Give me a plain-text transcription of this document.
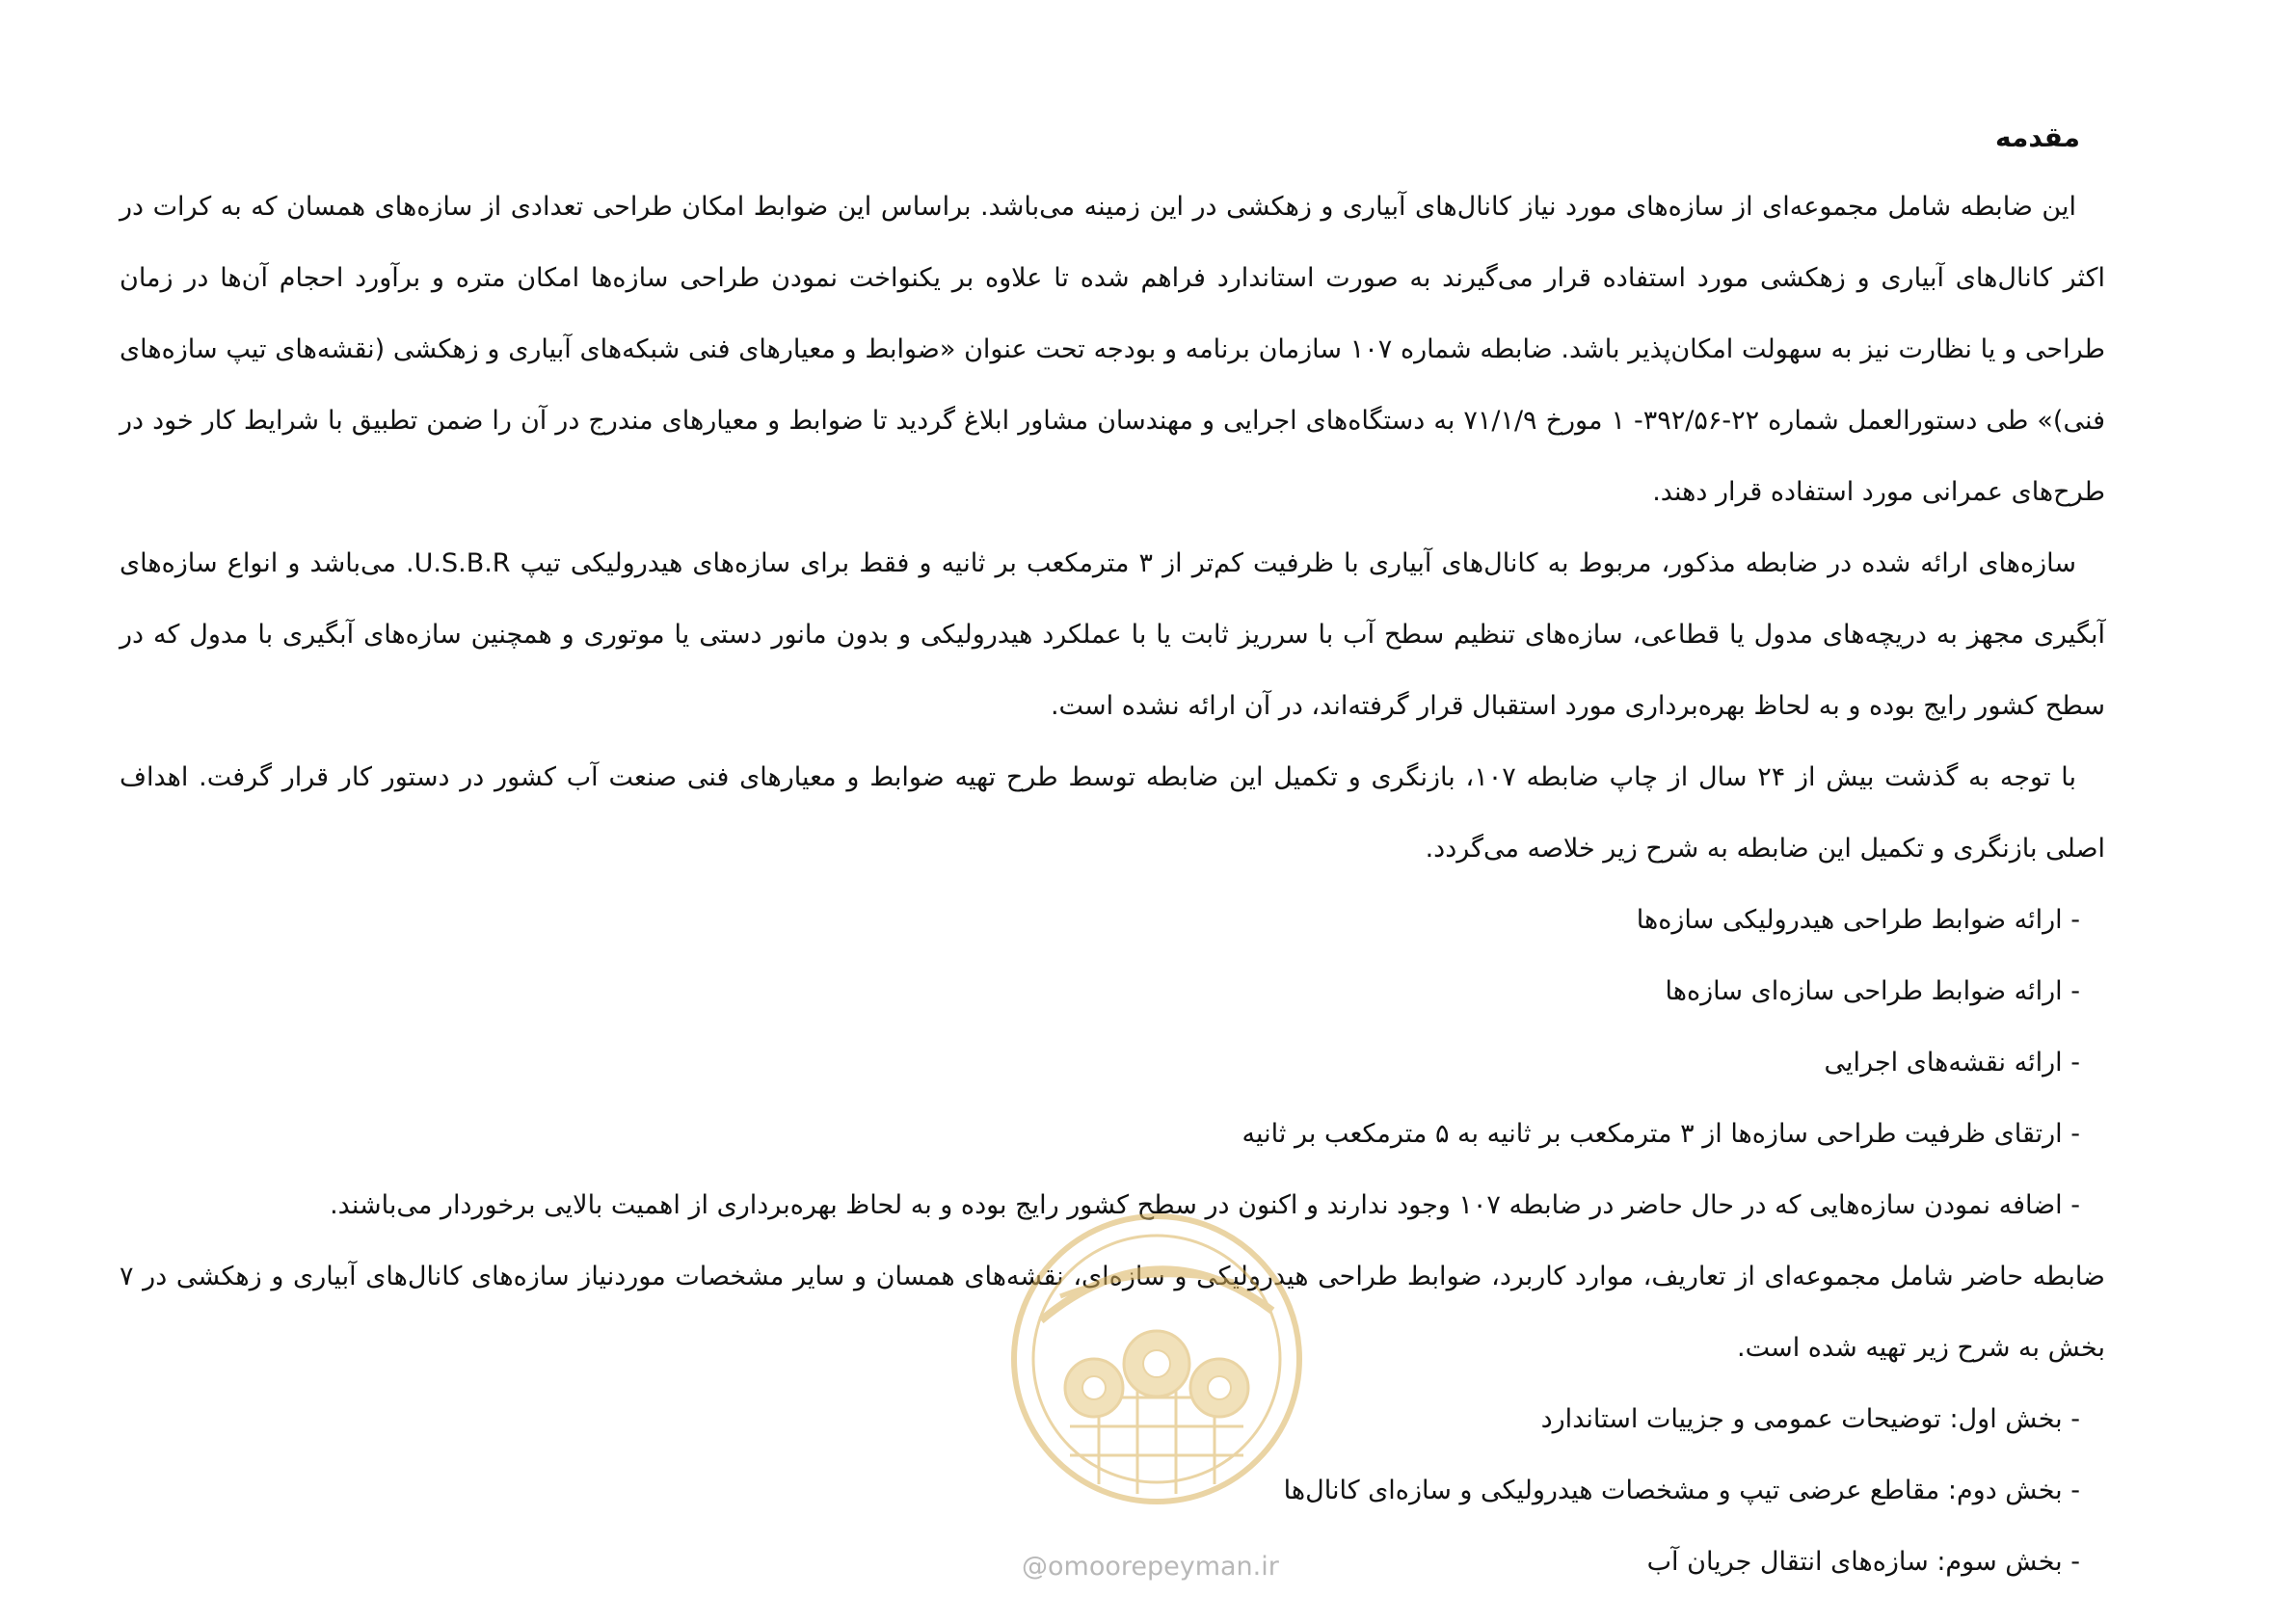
مقدمه

این ضابطه شامل مجموعه‌ای از سازه‌های مورد نیاز کانال‌های آبیاری و زهکشی در این زمینه می‌باشد. براساس این ضوابط امکان طراحی تعدادی از سازه‌های همسان که به کرات در اکثر کانال‌های آبیاری و زهکشی مورد استفاده قرار می‌گیرند به صورت استاندارد فراهم شده تا علاوه بر یکنواخت نمودن طراحی سازه‌ها امکان متره و برآورد احجام آن‌ها در زمان طراحی و یا نظارت نیز به سهولت امکان‌پذیر باشد. ضابطه شماره ۱۰۷ سازمان برنامه و بودجه تحت عنوان «ضوابط و معیارهای فنی شبکه‌های آبیاری و زهکشی (نقشه‌های تیپ سازه‌های فنی)» طی دستورالعمل شماره ۲۲-۳۹۲/۵۶- ۱ مورخ ۷۱/۱/۹ به دستگاه‌های اجرایی و مهندسان مشاور ابلاغ گردید تا ضوابط و معیارهای مندرج در آن را ضمن تطبیق با شرایط کار خود در طرح‌های عمرانی مورد استفاده قرار دهند.

سازه‌های ارائه شده در ضابطه مذکور، مربوط به کانال‌های آبیاری با ظرفیت کم‌تر از ۳ مترمکعب بر ثانیه و فقط برای سازه‌های هیدرولیکی تیپ U.S.B.R. می‌باشد و انواع سازه‌های آبگیری مجهز به دریچه‌های مدول یا قطاعی، سازه‌های تنظیم سطح آب با سرریز ثابت یا با عملکرد هیدرولیکی و بدون مانور دستی یا موتوری و همچنین سازه‌های آبگیری با مدول که در سطح کشور رایج بوده و به لحاظ بهره‌برداری مورد استقبال قرار گرفته‌اند، در آن ارائه نشده است.

با توجه به گذشت بیش از ۲۴ سال از چاپ ضابطه ۱۰۷، بازنگری و تکمیل این ضابطه توسط طرح تهیه ضوابط و معیارهای فنی صنعت آب کشور در دستور کار قرار گرفت. اهداف اصلی بازنگری و تکمیل این ضابطه به شرح زیر خلاصه می‌گردد.

- ارائه ضوابط طراحی هیدرولیکی سازه‌ها
- ارائه ضوابط طراحی سازه‌ای سازه‌ها
- ارائه نقشه‌های اجرایی
- ارتقای ظرفیت طراحی سازه‌ها از ۳ مترمکعب بر ثانیه به ۵ مترمکعب بر ثانیه
- اضافه نمودن سازه‌هایی که در حال حاضر در ضابطه ۱۰۷ وجود ندارند و اکنون در سطح کشور رایج بوده و به لحاظ بهره‌برداری از اهمیت بالایی برخوردار می‌باشند.

ضابطه حاضر شامل مجموعه‌ای از تعاریف، موارد کاربرد، ضوابط طراحی هیدرولیکی و سازه‌ای، نقشه‌های همسان و سایر مشخصات موردنیاز سازه‌های کانال‌های آبیاری و زهکشی در ۷ بخش به شرح زیر تهیه شده است.

- بخش اول: توضیحات عمومی و جزییات استاندارد
- بخش دوم: مقاطع عرضی تیپ و مشخصات هیدرولیکی و سازه‌ای کانال‌ها
- بخش سوم: سازه‌های انتقال جریان آب
@omoorepeyman.ir
